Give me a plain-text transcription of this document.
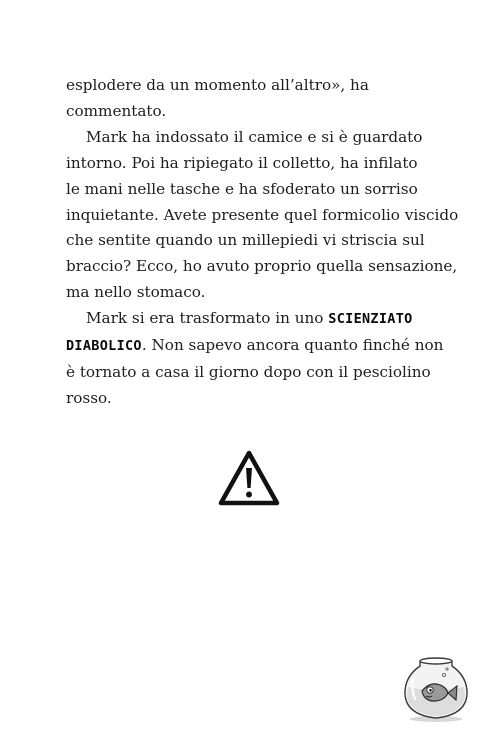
esplodere da un momento all’altro», ha
commentato.

Mark ha indossato il camice e si è guardato
intorno. Poi ha ripiegato il colletto, ha infilato
le mani nelle tasche e ha sfoderato un sorriso
inquietante. Avete presente quel formicolio viscido
che sentite quando un millepiedi vi striscia sul
braccio? Ecco, ho avuto proprio quella sensazione,
ma nello stomaco.

Mark si era trasformato in uno SCIENZIATO
DIABOLICO. Non sapevo ancora quanto finché non
è tornato a casa il giorno dopo con il pesciolino
rosso.
